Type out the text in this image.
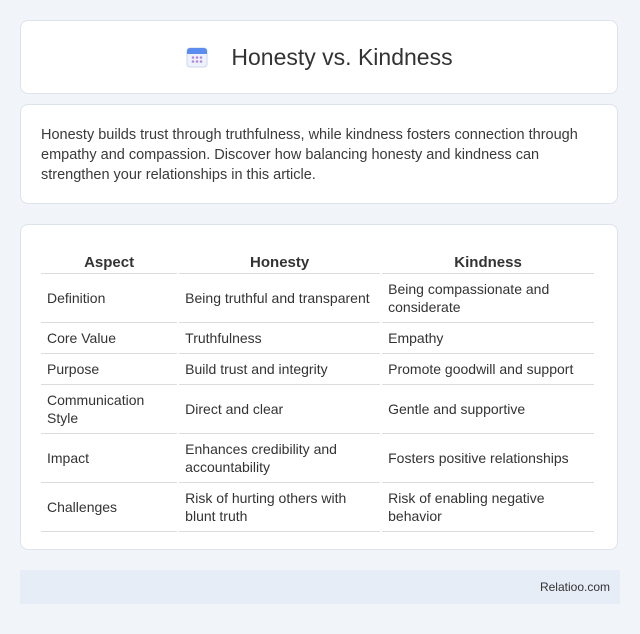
Honesty vs. Kindness

Honesty builds trust through truthfulness, while kindness fosters connection through empathy and compassion. Discover how balancing honesty and kindness can strengthen your relationships in this article.

Aspect	Honesty	Kindness
Definition	Being truthful and transparent	Being compassionate and considerate
Core Value	Truthfulness	Empathy
Purpose	Build trust and integrity	Promote goodwill and support
Communication Style	Direct and clear	Gentle and supportive
Impact	Enhances credibility and accountability	Fosters positive relationships
Challenges	Risk of hurting others with blunt truth	Risk of enabling negative behavior
Relatioo.com
